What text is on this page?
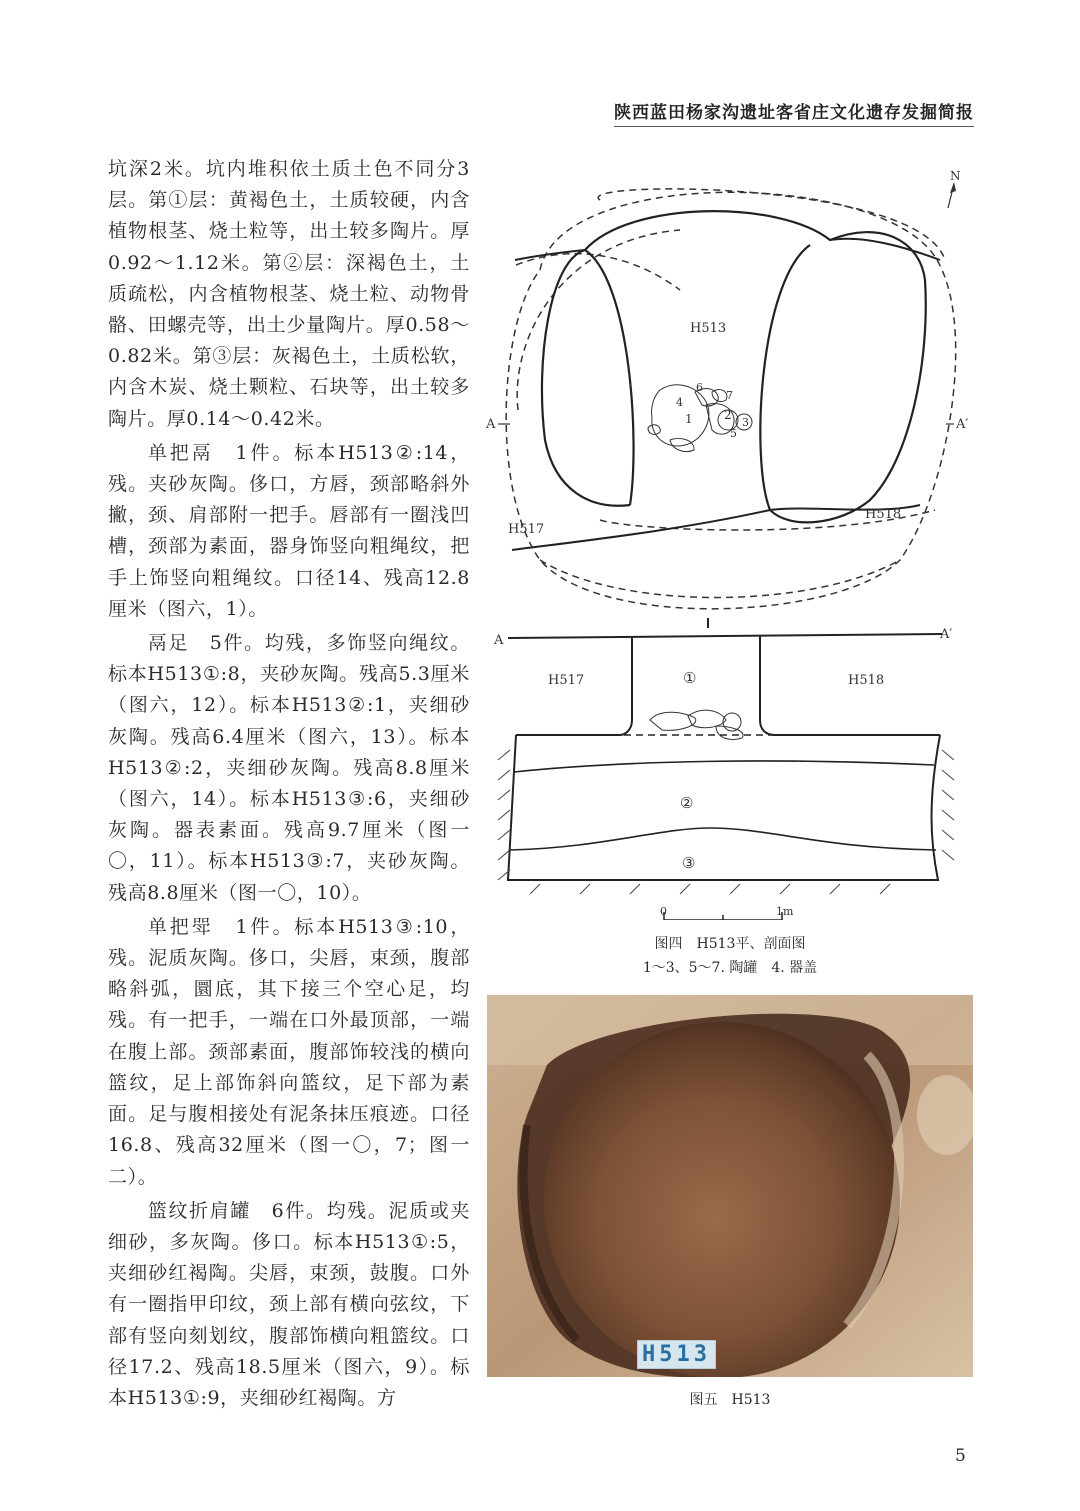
陕西蓝田杨家沟遗址客省庄文化遗存发掘简报

坑深2米。坑内堆积依土质土色不同分3层。第①层：黄褐色土，土质较硬，内含植物根茎、烧土粒等，出土较多陶片。厚0.92～1.12米。第②层：深褐色土，土质疏松，内含植物根茎、烧土粒、动物骨骼、田螺壳等，出土少量陶片。厚0.58～0.82米。第③层：灰褐色土，土质松软，内含木炭、烧土颗粒、石块等，出土较多陶片。厚0.14～0.42米。

单把鬲　1件。标本H513②:14，残。夹砂灰陶。侈口，方唇，颈部略斜外撇，颈、肩部附一把手。唇部有一圈浅凹槽，颈部为素面，器身饰竖向粗绳纹，把手上饰竖向粗绳纹。口径14、残高12.8厘米（图六，1）。

鬲足　5件。均残，多饰竖向绳纹。标本H513①:8，夹砂灰陶。残高5.3厘米（图六，12）。标本H513②:1，夹细砂灰陶。残高6.4厘米（图六，13）。标本H513②:2，夹细砂灰陶。残高8.8厘米（图六，14）。标本H513③:6，夹细砂灰陶。器表素面。残高9.7厘米（图一〇，11）。标本H513③:7，夹砂灰陶。残高8.8厘米（图一〇，10）。

单把斝　1件。标本H513③:10，残。泥质灰陶。侈口，尖唇，束颈，腹部略斜弧，圜底，其下接三个空心足，均残。有一把手，一端在口外最顶部，一端在腹上部。颈部素面，腹部饰较浅的横向篮纹，足上部饰斜向篮纹，足下部为素面。足与腹相接处有泥条抹压痕迹。口径16.8、残高32厘米（图一〇，7；图一二）。

篮纹折肩罐　6件。均残。泥质或夹细砂，多灰陶。侈口。标本H513①:5，夹细砂红褐陶。尖唇，束颈，鼓腹。口外有一圈指甲印纹，颈上部有横向弦纹，下部有竖向刻划纹，腹部饰横向粗篮纹。口径17.2、残高18.5厘米（图六，9）。标本H513①:9，夹细砂红褐陶。方

N
H513
H517
H518
A	A′
1	2
3
4
5
6
7
A	A′
H517	H518
①
②
③
0	1m
图四　H513平、剖面图
1～3、5～7. 陶罐　4. 器盖
H513
图五　H513
5
